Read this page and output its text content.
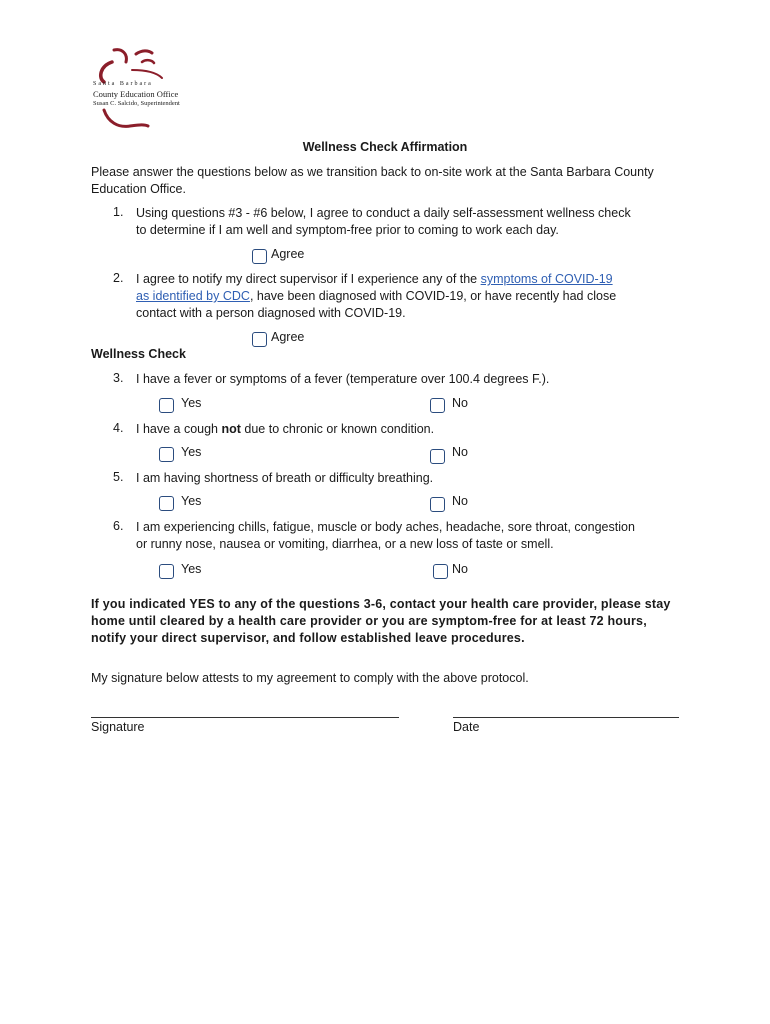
Santa Barbara
County Education Office
Susan C. Salcido, Superintendent
Wellness Check Affirmation
Please answer the questions below as we transition back to on-site work at the Santa Barbara County Education Office.
1. Using questions #3 - #6 below, I agree to conduct a daily self-assessment wellness check
to determine if I am well and symptom-free prior to coming to work each day.
Agree
2. I agree to notify my direct supervisor if I experience any of the symptoms of COVID-19
as identified by CDC, have been diagnosed with COVID-19, or have recently had close
contact with a person diagnosed with COVID-19.
Agree
Wellness Check
3. I have a fever or symptoms of a fever (temperature over 100.4 degrees F.).
Yes	No
4. I have a cough not due to chronic or known condition.
Yes	No
5. I am having shortness of breath or difficulty breathing.
Yes	No
6. I am experiencing chills, fatigue, muscle or body aches, headache, sore throat, congestion
or runny nose, nausea or vomiting, diarrhea, or a new loss of taste or smell.
Yes	No
If you indicated YES to any of the questions 3-6, contact your health care provider, please stay home until cleared by a health care provider or you are symptom-free for at least 72 hours, notify your direct supervisor, and follow established leave procedures.
My signature below attests to my agreement to comply with the above protocol.
Signature	Date
